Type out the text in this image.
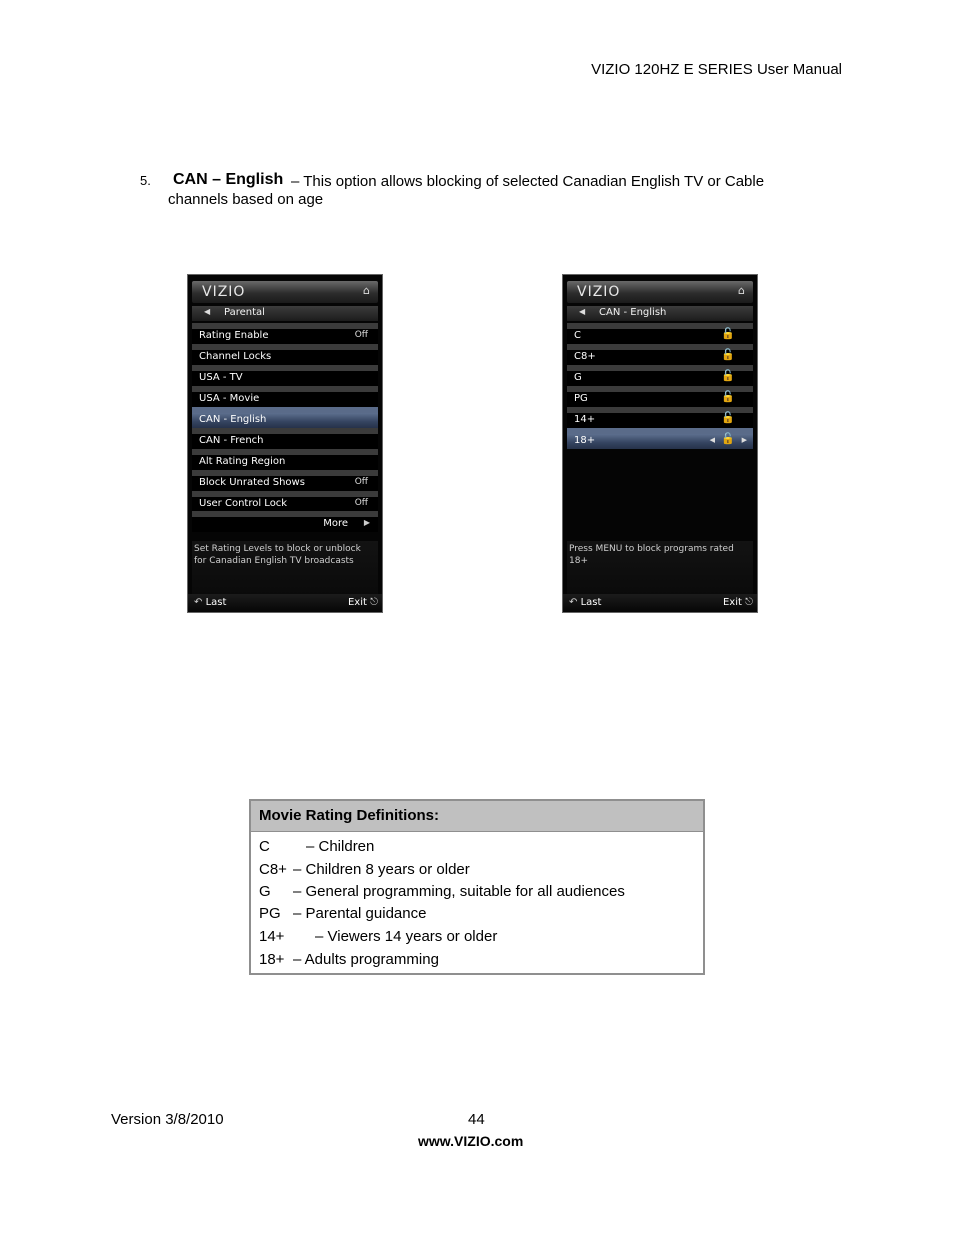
VIZIO 120HZ E SERIES User Manual
5. CAN – English – This option allows blocking of selected Canadian English TV or Cable
channels based on age
VIZIO	⌂
◀ Parental
Rating Enable	Off
Channel Locks
USA - TV
USA - Movie
CAN - English
CAN - French
Alt Rating Region
Block Unrated Shows	Off
User Control Lock	Off
More ▶
Set Rating Levels to block or unblock for Canadian English TV broadcasts
↶ Last	Exit ⎋
VIZIO	⌂
◀ CAN - English
C	🔓
C8+	🔓
G	🔓
PG	🔓
14+	🔓
18+	◀ 🔓 ▶
Press MENU to block programs rated 18+
↶ Last	Exit ⎋
Movie Rating Definitions:
C – Children
C8+ – Children 8 years or older
G – General programming, suitable for all audiences
PG – Parental guidance
14+ – Viewers 14 years or older
18+ – Adults programming
Version 3/8/2010	44
www.VIZIO.com
